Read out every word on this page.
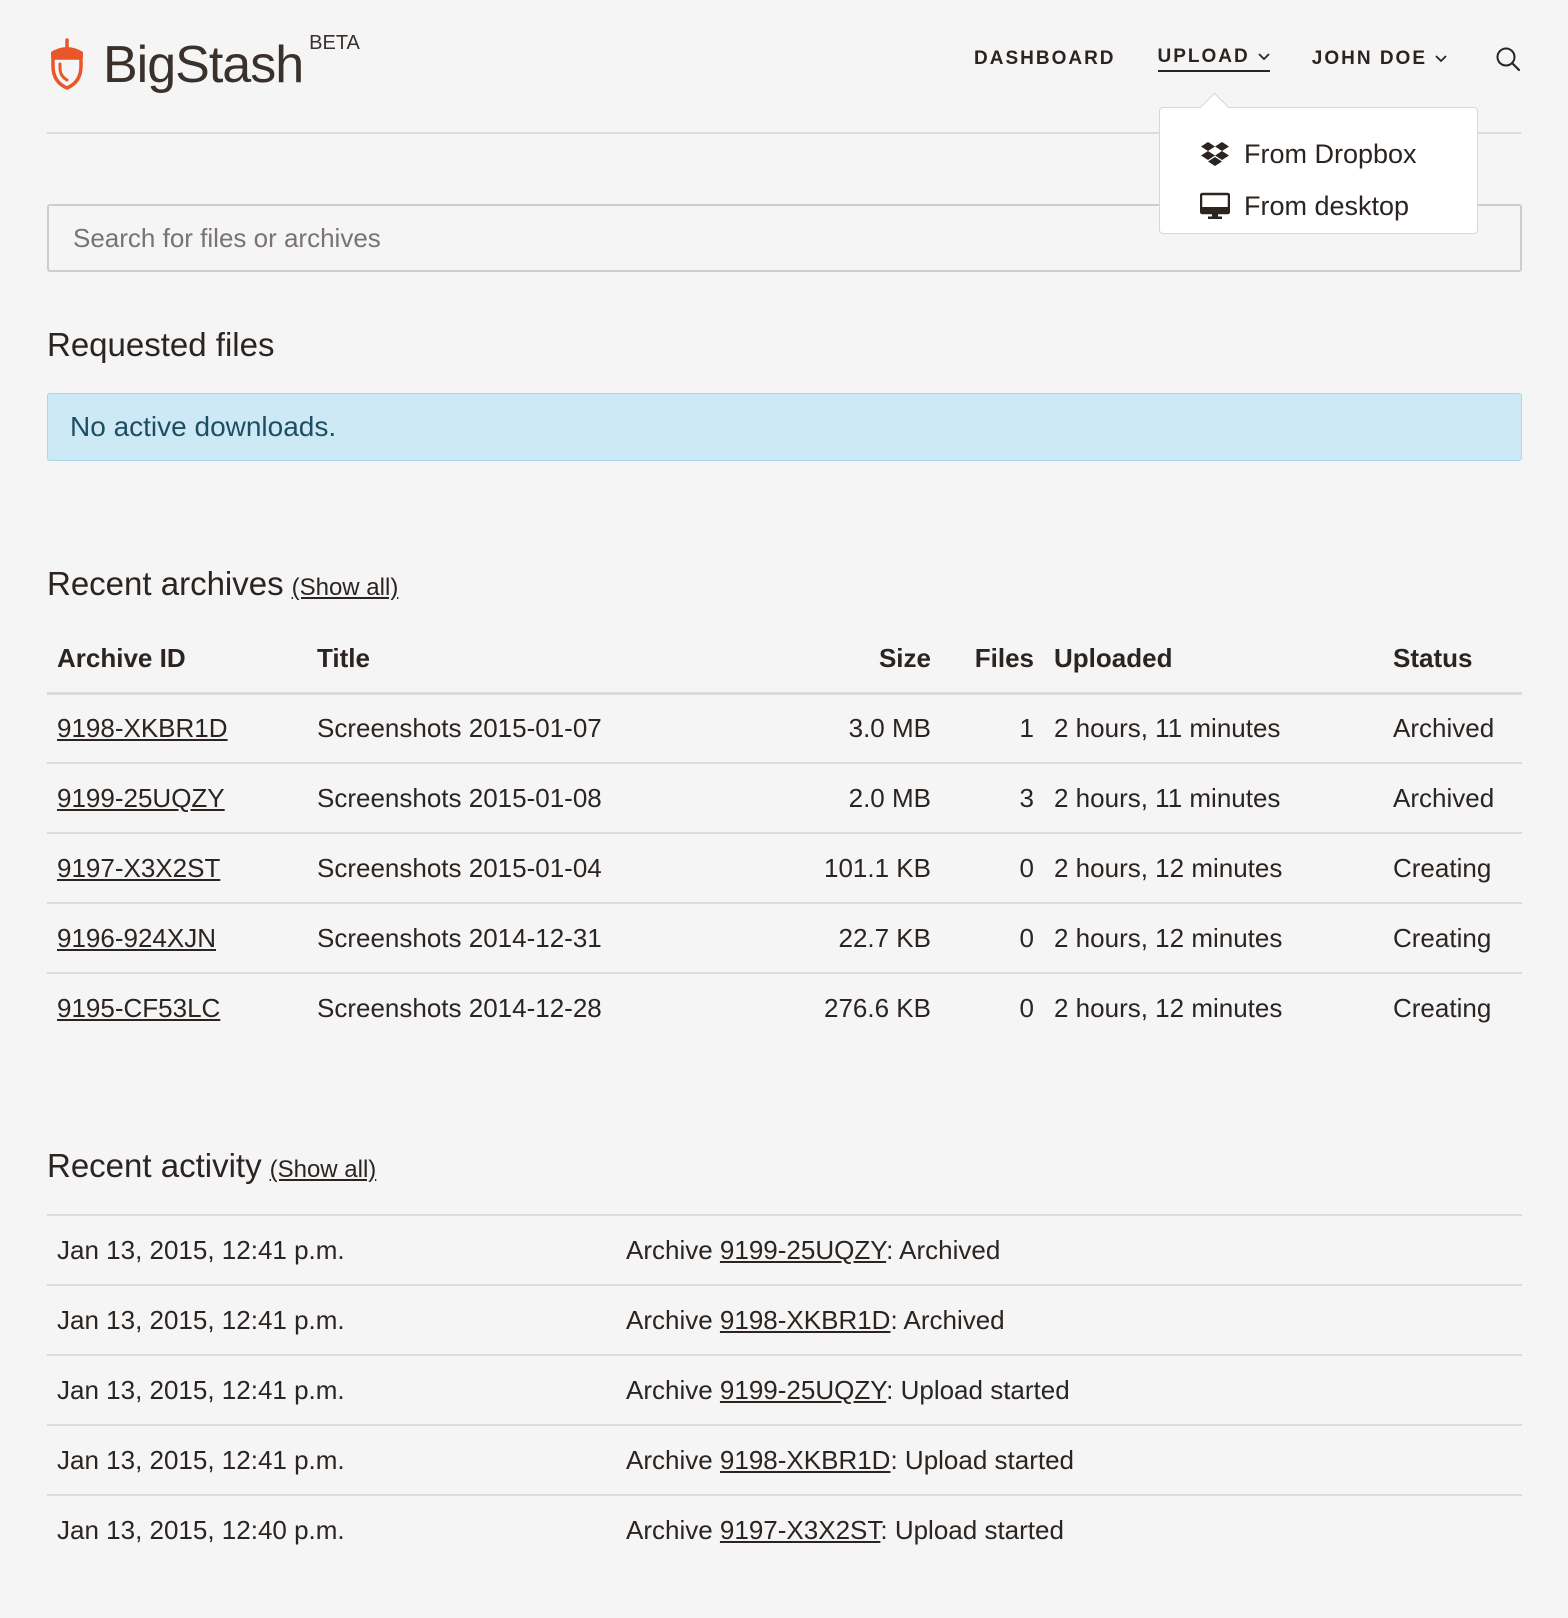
BigStash BETA
DASHBOARD UPLOAD	JOHN DOE
From Dropbox
From desktop
Search for files or archives
Requested files
No active downloads.
Recent archives (Show all)
Archive ID	Title	Size	Files	Uploaded	Status
9198-XKBR1D	Screenshots 2015-01-07	3.0 MB	1	2 hours, 11 minutes	Archived
9199-25UQZY	Screenshots 2015-01-08	2.0 MB	3	2 hours, 11 minutes	Archived
9197-X3X2ST	Screenshots 2015-01-04	101.1 KB	0	2 hours, 12 minutes	Creating
9196-924XJN	Screenshots 2014-12-31	22.7 KB	0	2 hours, 12 minutes	Creating
9195-CF53LC	Screenshots 2014-12-28	276.6 KB	0	2 hours, 12 minutes	Creating
Recent activity (Show all)
Jan 13, 2015, 12:41 p.m.	Archive 9199-25UQZY: Archived
Jan 13, 2015, 12:41 p.m.	Archive 9198-XKBR1D: Archived
Jan 13, 2015, 12:41 p.m.	Archive 9199-25UQZY: Upload started
Jan 13, 2015, 12:41 p.m.	Archive 9198-XKBR1D: Upload started
Jan 13, 2015, 12:40 p.m.	Archive 9197-X3X2ST: Upload started
